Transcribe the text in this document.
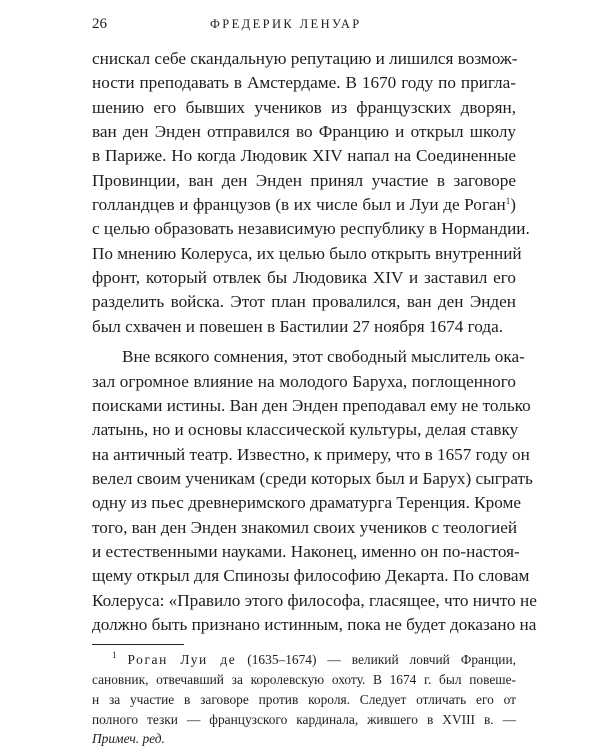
26	ФРЕДЕРИК ЛЕНУАР
снискал себе скандальную репутацию и лишился возмож-
ности преподавать в Амстердаме. В 1670 году по пригла-
шению его бывших учеников из французских дворян,
ван ден Энден отправился во Францию и открыл школу
в Париже. Но когда Людовик XIV напал на Соединенные
Провинции, ван ден Энден принял участие в заговоре
голландцев и французов (в их числе был и Луи де Роган$^1$)
с целью образовать независимую республику в Нормандии.
По мнению Колеруса, их целью было открыть внутренний
фронт, который отвлек бы Людовика XIV и заставил его
разделить войска. Этот план провалился, ван ден Энден
был схвачен и повешен в Бастилии 27 ноября 1674 года.
Вне всякого сомнения, этот свободный мыслитель ока-
зал огромное влияние на молодого Баруха, поглощенного
поисками истины. Ван ден Энден преподавал ему не только
латынь, но и основы классической культуры, делая ставку
на античный театр. Известно, к примеру, что в 1657 году он
велел своим ученикам (среди которых был и Барух) сыграть
одну из пьес древнеримского драматурга Теренция. Кроме
того, ван ден Энден знакомил своих учеников с теологией
и естественными науками. Наконец, именно он по-настоя-
щему открыл для Спинозы философию Декарта. По словам
Колеруса: «Правило этого философа, гласящее, что ничто не
должно быть признано истинным, пока не будет доказано на
$^1$ Роган Луи де (1635–1674) — великий ловчий Франции,
сановник, отвечавший за королевскую охоту. В 1674 г. был повеше-
н за участие в заговоре против короля. Следует отличать его от
полного тезки — французского кардинала, жившего в XVIII в. —
Примеч. ред.
